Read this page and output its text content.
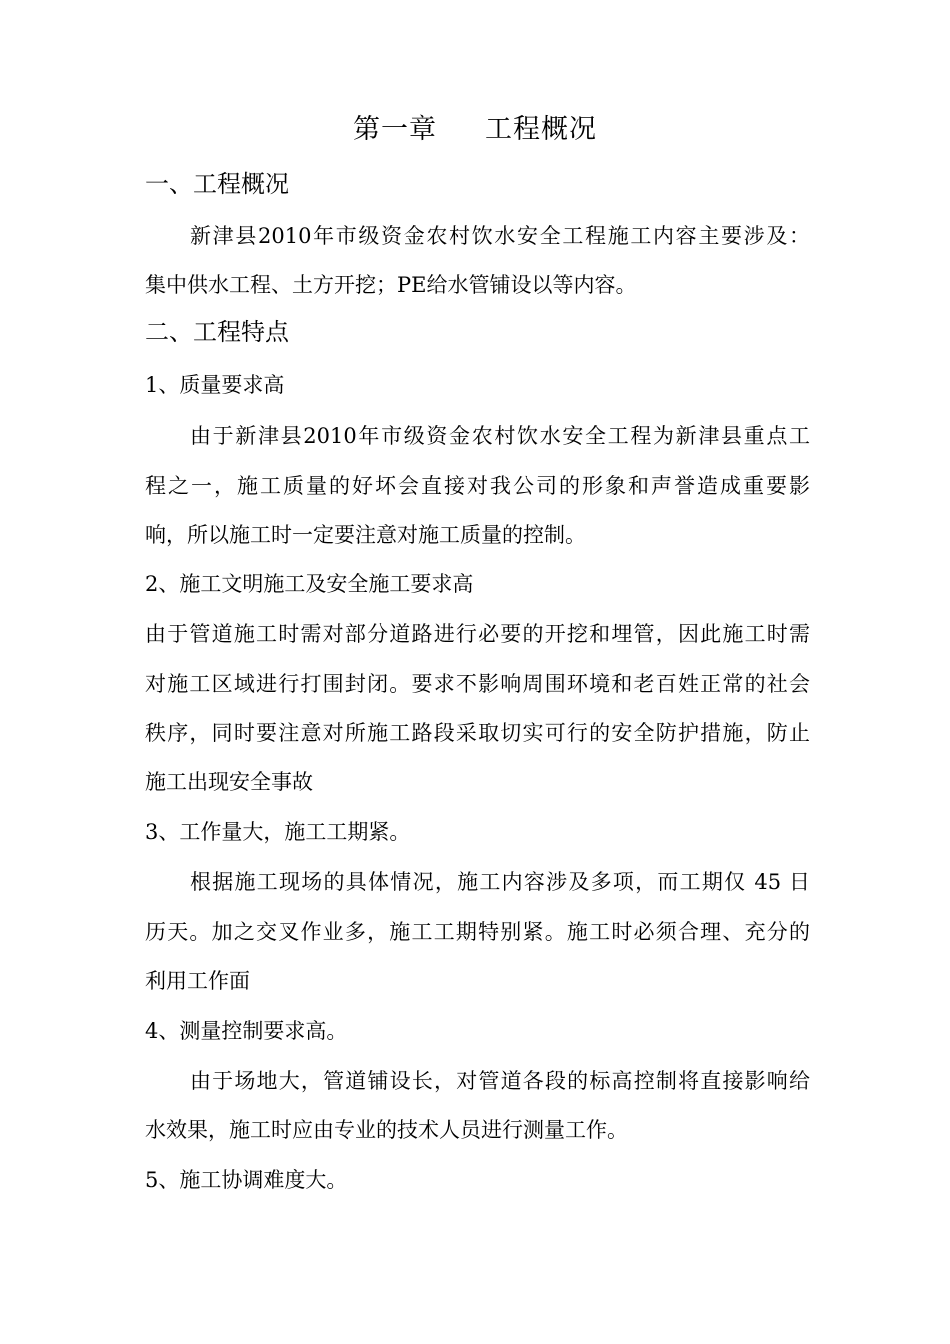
第一章     工程概况
一、工程概况
新津县2010年市级资金农村饮水安全工程施工内容主要涉及：
集中供水工程、土方开挖；PE给水管铺设以等内容。
二、工程特点
1、质量要求高
由于新津县2010年市级资金农村饮水安全工程为新津县重点工
程之一，施工质量的好坏会直接对我公司的形象和声誉造成重要影
响，所以施工时一定要注意对施工质量的控制。
2、施工文明施工及安全施工要求高
由于管道施工时需对部分道路进行必要的开挖和埋管，因此施工时需
对施工区域进行打围封闭。要求不影响周围环境和老百姓正常的社会
秩序，同时要注意对所施工路段采取切实可行的安全防护措施，防止
施工出现安全事故
3、工作量大，施工工期紧。
根据施工现场的具体情况，施工内容涉及多项，而工期仅 45 日
历天。加之交叉作业多，施工工期特别紧。施工时必须合理、充分的
利用工作面
4、测量控制要求高。
由于场地大，管道铺设长，对管道各段的标高控制将直接影响给
水效果，施工时应由专业的技术人员进行测量工作。
5、施工协调难度大。
